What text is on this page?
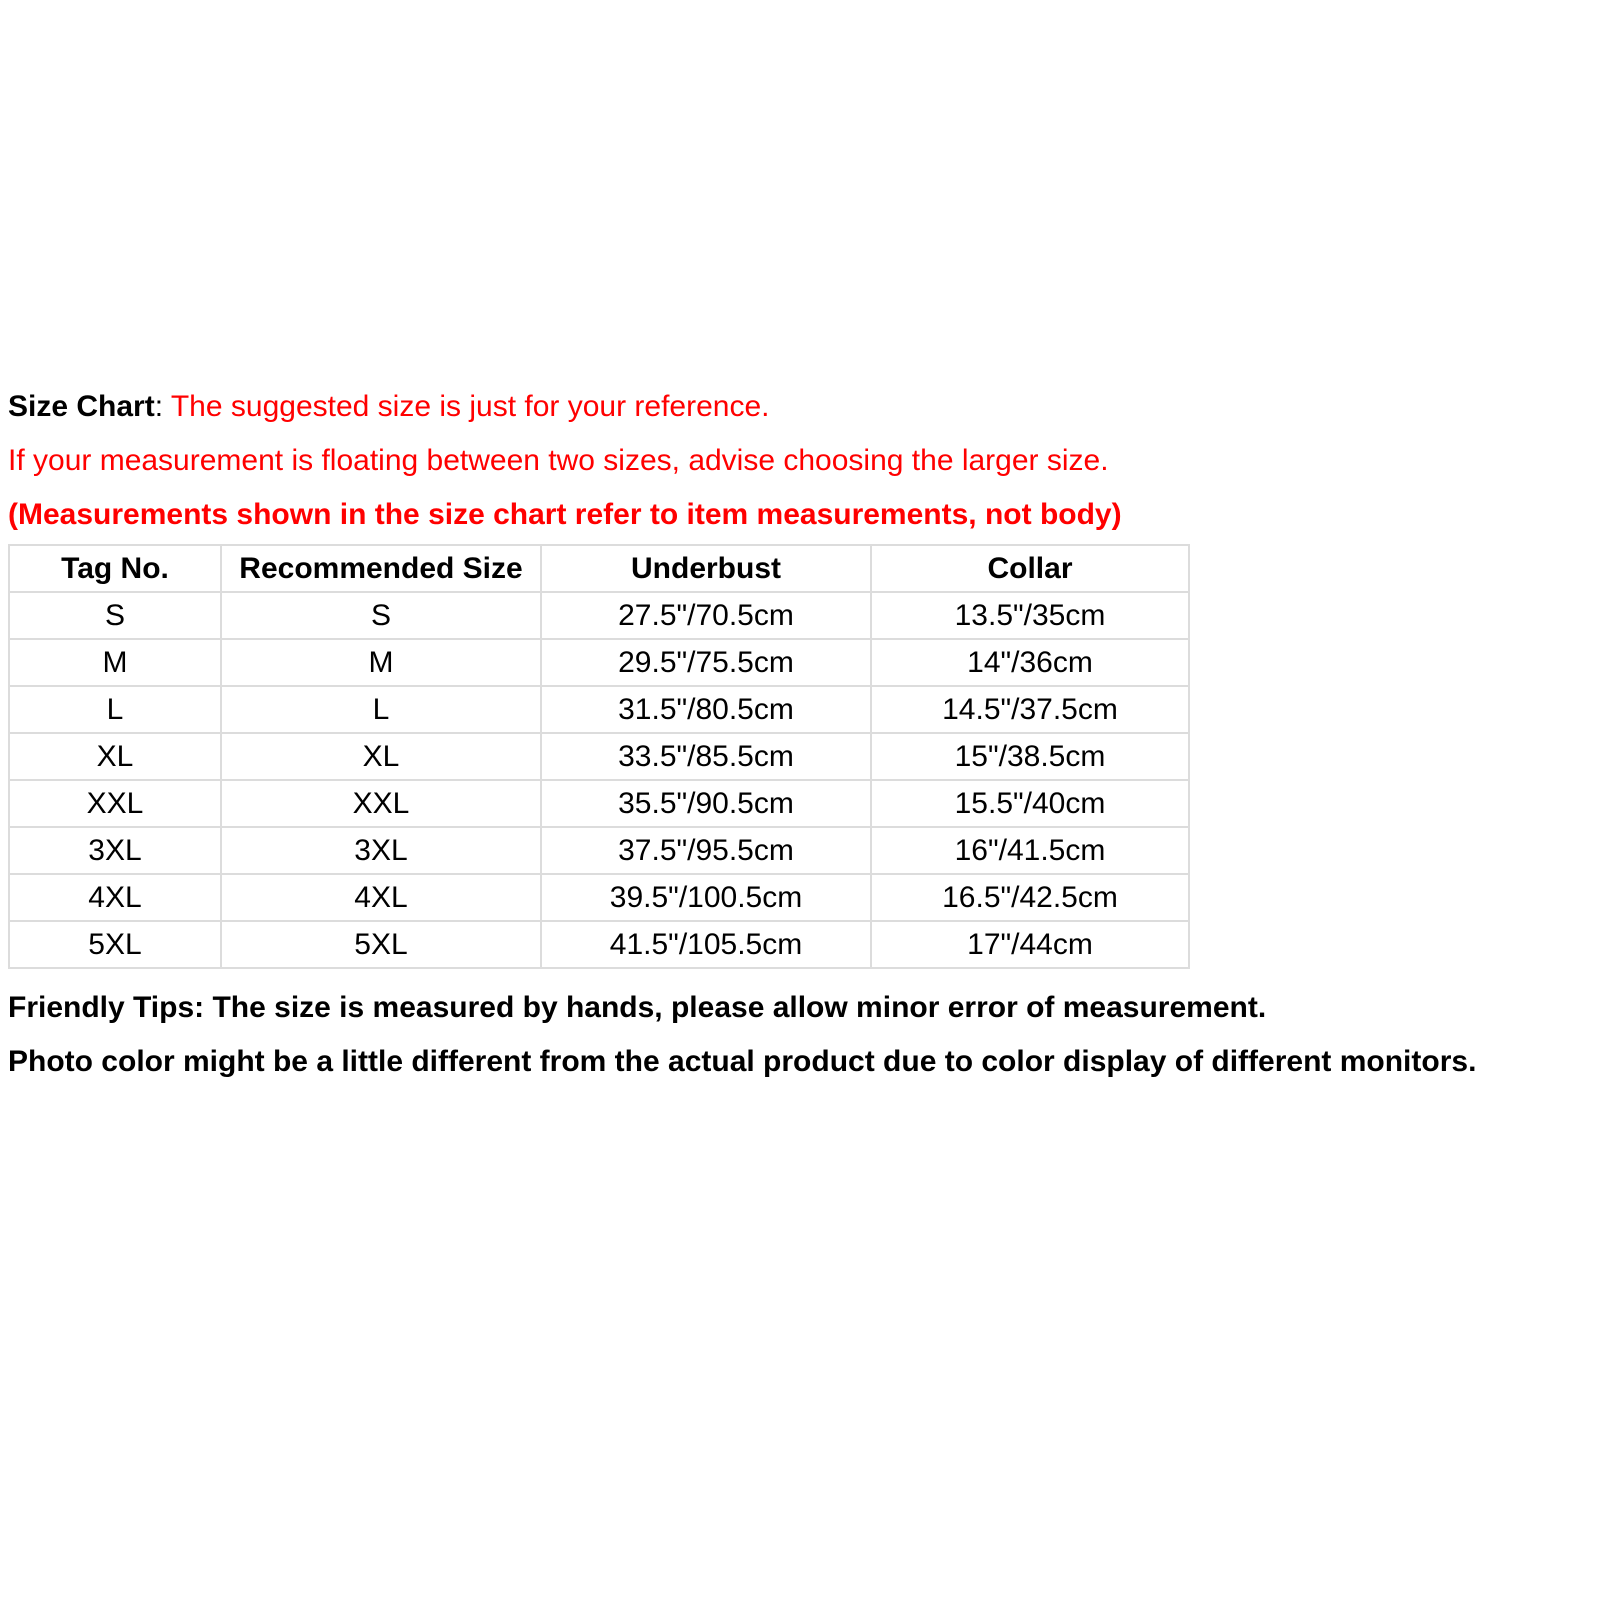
Size Chart: The suggested size is just for your reference.
If your measurement is floating between two sizes, advise choosing the larger size.
(Measurements shown in the size chart refer to item measurements, not body)
Tag No.	Recommended Size	Underbust	Collar
S	S	27.5"/70.5cm	13.5"/35cm
M	M	29.5"/75.5cm	14"/36cm
L	L	31.5"/80.5cm	14.5"/37.5cm
XL	XL	33.5"/85.5cm	15"/38.5cm
XXL	XXL	35.5"/90.5cm	15.5"/40cm
3XL	3XL	37.5"/95.5cm	16"/41.5cm
4XL	4XL	39.5"/100.5cm	16.5"/42.5cm
5XL	5XL	41.5"/105.5cm	17"/44cm
Friendly Tips: The size is measured by hands, please allow minor error of measurement.
Photo color might be a little different from the actual product due to color display of different monitors.
